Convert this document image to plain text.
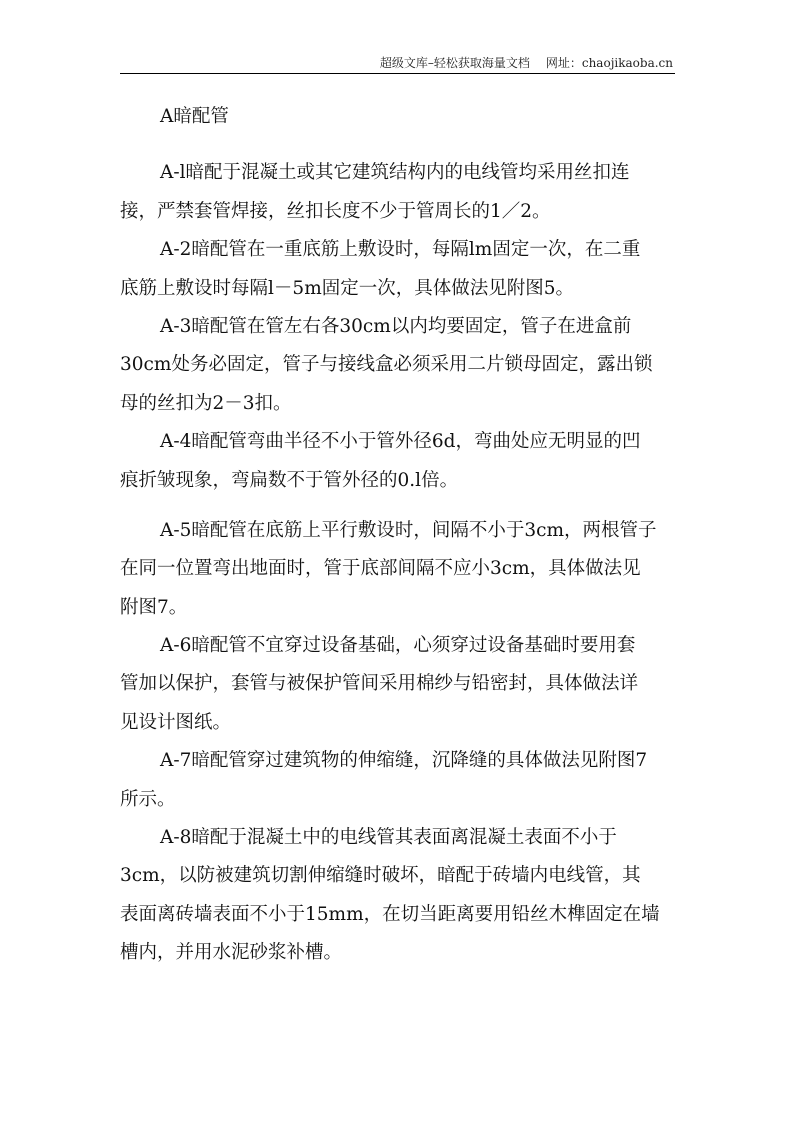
超级文库–轻松获取海量文档 网址：chaojikaoba.cn
A暗配管
A-l暗配于混凝土或其它建筑结构内的电线管均采用丝扣连
接，严禁套管焊接，丝扣长度不少于管周长的1／2。
A-2暗配管在一重底筋上敷设时，每隔lm固定一次，在二重
底筋上敷设时每隔l－5m固定一次，具体做法见附图5。
A-3暗配管在管左右各30cm以内均要固定，管子在进盒前
30cm处务必固定，管子与接线盒必须采用二片锁母固定，露出锁
母的丝扣为2－3扣。
A-4暗配管弯曲半径不小于管外径6d，弯曲处应无明显的凹
痕折皱现象，弯扁数不于管外径的0.l倍。
A-5暗配管在底筋上平行敷设时，间隔不小于3cm，两根管子
在同一位置弯出地面时，管于底部间隔不应小3cm，具体做法见
附图7。
A-6暗配管不宜穿过设备基础，心须穿过设备基础时要用套
管加以保护，套管与被保护管间采用棉纱与铅密封，具体做法详
见设计图纸。
A-7暗配管穿过建筑物的伸缩缝，沉降缝的具体做法见附图7
所示。
A-8暗配于混凝土中的电线管其表面离混凝土表面不小于
3cm，以防被建筑切割伸缩缝时破坏，暗配于砖墙内电线管，其
表面离砖墙表面不小于15mm，在切当距离要用铅丝木榫固定在墙
槽内，并用水泥砂浆补槽。
